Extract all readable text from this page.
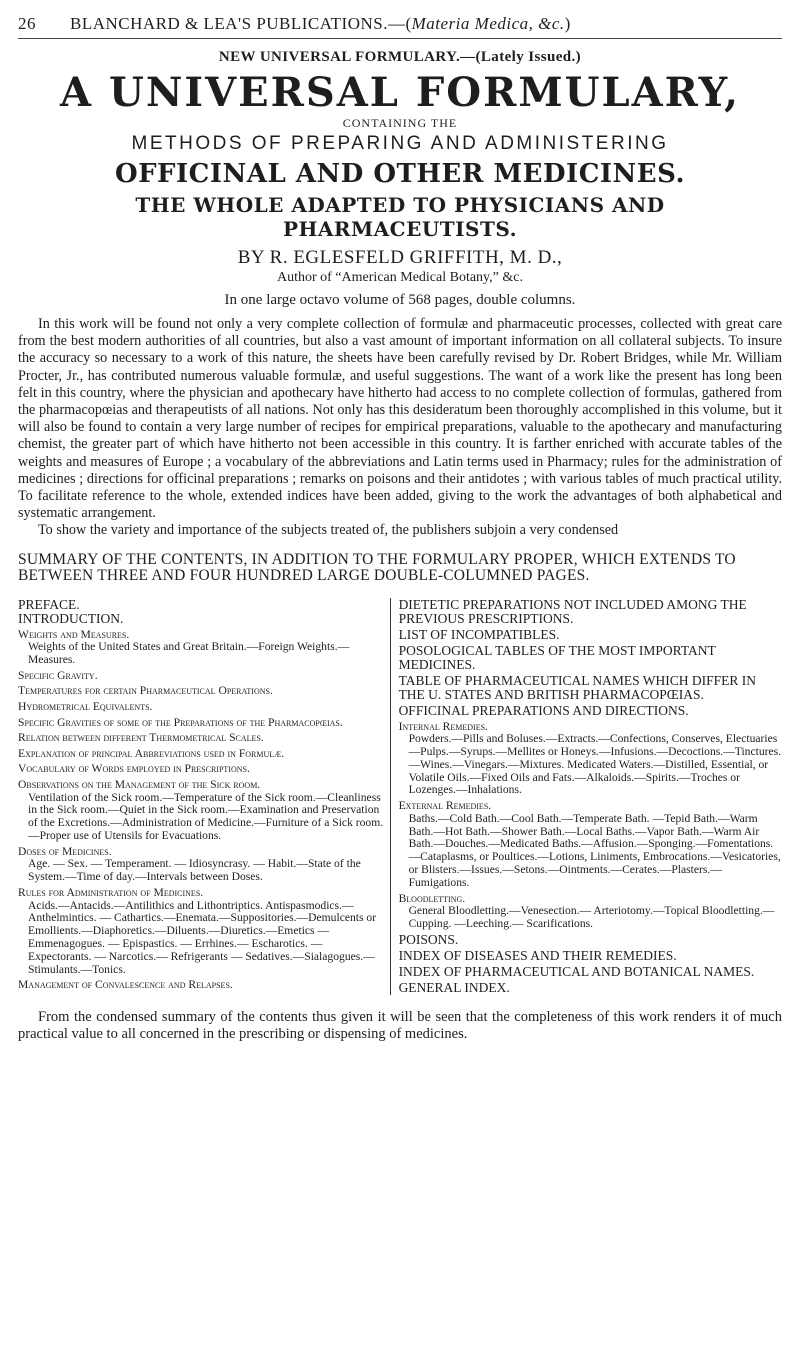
26 BLANCHARD & LEA'S PUBLICATIONS.—(Materia Medica, &c.)
NEW UNIVERSAL FORMULARY.—(Lately Issued.)
A UNIVERSAL FORMULARY,
CONTAINING THE
METHODS OF PREPARING AND ADMINISTERING
OFFICINAL AND OTHER MEDICINES.
THE WHOLE ADAPTED TO PHYSICIANS AND PHARMACEUTISTS.
BY R. EGLESFELD GRIFFITH, M. D.,
Author of “American Medical Botany,” &c.
In one large octavo volume of 568 pages, double columns.

In this work will be found not only a very complete collection of formulæ and pharmaceutic processes, collected with great care from the best modern authorities of all countries, but also a vast amount of important information on all collateral subjects. To insure the accuracy so necessary to a work of this nature, the sheets have been carefully revised by Dr. Robert Bridges, while Mr. William Procter, Jr., has contributed numerous valuable formulæ, and useful suggestions. The want of a work like the present has long been felt in this country, where the physician and apothecary have hitherto had access to no complete collection of formulas, gathered from the pharmacopœias and therapeutists of all nations. Not only has this desideratum been thoroughly accomplished in this volume, but it will also be found to contain a very large number of recipes for empirical preparations, valuable to the apothecary and manufacturing chemist, the greater part of which have hitherto not been accessible in this country. It is farther enriched with accurate tables of the weights and measures of Europe ; a vocabulary of the abbreviations and Latin terms used in Pharmacy; rules for the administration of medicines ; directions for officinal preparations ; remarks on poisons and their antidotes ; with various tables of much practical utility. To facilitate reference to the whole, extended indices have been added, giving to the work the advantages of both alphabetical and systematic arrangement.

To show the variety and importance of the subjects treated of, the publishers subjoin a very condensed

SUMMARY OF THE CONTENTS, IN ADDITION TO THE FORMULARY PROPER, WHICH EXTENDS TO BETWEEN THREE AND FOUR HUNDRED LARGE DOUBLE-COLUMNED PAGES.
PREFACE.
INTRODUCTION.
Weights and Measures.
Weights of the United States and Great Britain.—Foreign Weights.—Measures.
Specific Gravity.
Temperatures for certain Pharmaceutical Operations.
Hydrometrical Equivalents.
Specific Gravities of some of the Preparations of the Pharmacopœias.
Relation between different Thermometrical Scales.
Explanation of principal Abbreviations used in Formulæ.
Vocabulary of Words employed in Prescriptions.
Observations on the Management of the Sick room.
Ventilation of the Sick room.—Temperature of the Sick room.—Cleanliness in the Sick room.—Quiet in the Sick room.—Examination and Preservation of the Excretions.—Administration of Medicine.—Furniture of a Sick room.—Proper use of Utensils for Evacuations.
Doses of Medicines.
Age. — Sex. — Temperament. — Idiosyncrasy. — Habit.—State of the System.—Time of day.—Intervals between Doses.
Rules for Administration of Medicines.
Acids.—Antacids.—Antilithics and Lithontriptics. Antispasmodics.— Anthelmintics. — Cathartics.—Enemata.—Suppositories.—Demulcents or Emollients.—Diaphoretics.—Diluents.—Diuretics.—Emetics — Emmenagogues. — Epispastics. — Errhines.— Escharotics. — Expectorants. — Narcotics.— Refrigerants — Sedatives.—Sialagogues.—Stimulants.—Tonics.
Management of Convalescence and Relapses.
DIETETIC PREPARATIONS NOT INCLUDED AMONG THE PREVIOUS PRESCRIPTIONS.
LIST OF INCOMPATIBLES.
POSOLOGICAL TABLES OF THE MOST IMPORTANT MEDICINES.
TABLE OF PHARMACEUTICAL NAMES WHICH DIFFER IN THE U. STATES AND BRITISH PHARMACOPŒIAS.
OFFICINAL PREPARATIONS AND DIRECTIONS.
Internal Remedies.
Powders.—Pills and Boluses.—Extracts.—Confections, Conserves, Electuaries —Pulps.—Syrups.—Mellites or Honeys.—Infusions.—Decoctions.—Tinctures.—Wines.—Vinegars.—Mixtures. Medicated Waters.—Distilled, Essential, or Volatile Oils.—Fixed Oils and Fats.—Alkaloids.—Spirits.—Troches or Lozenges.—Inhalations.
External Remedies.
Baths.—Cold Bath.—Cool Bath.—Temperate Bath. —Tepid Bath.—Warm Bath.—Hot Bath.—Shower Bath.—Local Baths.—Vapor Bath.—Warm Air Bath.—Douches.—Medicated Baths.—Affusion.—Sponging.—Fomentations.—Cataplasms, or Poultices.—Lotions, Liniments, Embrocations.—Vesicatories, or Blisters.—Issues.—Setons.—Ointments.—Cerates.—Plasters.—Fumigations.
Bloodletting.
General Bloodletting.—Venesection.— Arteriotomy.—Topical Bloodletting.—Cupping. —Leeching.— Scarifications.
POISONS.
INDEX OF DISEASES AND THEIR REMEDIES.
INDEX OF PHARMACEUTICAL AND BOTANICAL NAMES.
GENERAL INDEX.
From the condensed summary of the contents thus given it will be seen that the completeness of this work renders it of much practical value to all concerned in the prescribing or dispensing of medicines.
